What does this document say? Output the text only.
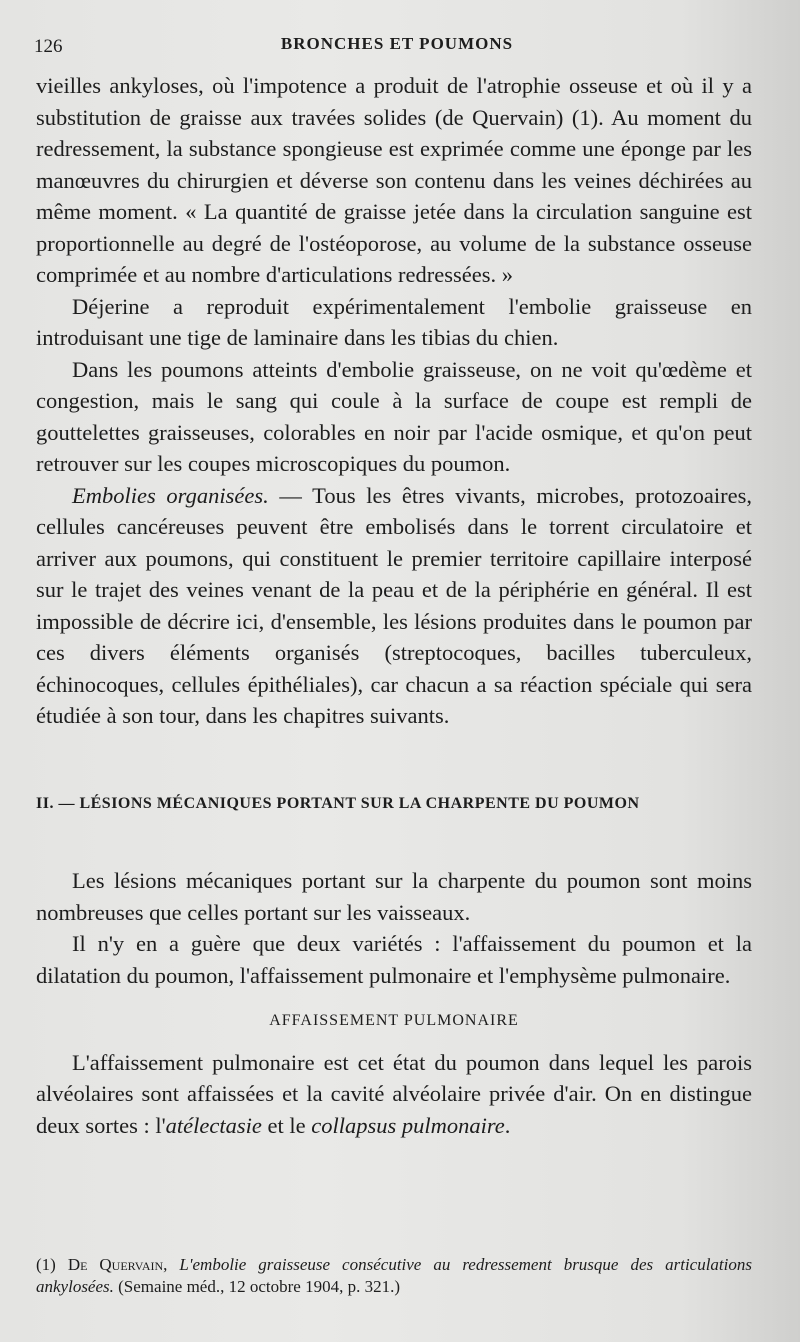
126	BRONCHES ET POUMONS

vieilles ankyloses, où l'impotence a produit de l'atrophie osseuse et où il y a substitution de graisse aux travées solides (de Quervain) (1). Au moment du redressement, la substance spongieuse est exprimée comme une éponge par les manœuvres du chirurgien et déverse son contenu dans les veines déchirées au même moment. « La quantité de graisse jetée dans la circulation sanguine est proportionnelle au degré de l'ostéoporose, au volume de la substance osseuse comprimée et au nombre d'articulations redressées. »

Déjerine a reproduit expérimentalement l'embolie graisseuse en introduisant une tige de laminaire dans les tibias du chien.

Dans les poumons atteints d'embolie graisseuse, on ne voit qu'œdème et congestion, mais le sang qui coule à la surface de coupe est rempli de gouttelettes graisseuses, colorables en noir par l'acide osmique, et qu'on peut retrouver sur les coupes microscopiques du poumon.

Embolies organisées. — Tous les êtres vivants, microbes, protozoaires, cellules cancéreuses peuvent être embolisés dans le torrent circulatoire et arriver aux poumons, qui constituent le premier territoire capillaire interposé sur le trajet des veines venant de la peau et de la périphérie en général. Il est impossible de décrire ici, d'ensemble, les lésions produites dans le poumon par ces divers éléments organisés (streptocoques, bacilles tuberculeux, échinocoques, cellules épithéliales), car chacun a sa réaction spéciale qui sera étudiée à son tour, dans les chapitres suivants.

II. — LÉSIONS MÉCANIQUES PORTANT SUR LA CHARPENTE DU POUMON

Les lésions mécaniques portant sur la charpente du poumon sont moins nombreuses que celles portant sur les vaisseaux.

Il n'y en a guère que deux variétés : l'affaissement du poumon et la dilatation du poumon, l'affaissement pulmonaire et l'emphysème pulmonaire.

AFFAISSEMENT PULMONAIRE

L'affaissement pulmonaire est cet état du poumon dans lequel les parois alvéolaires sont affaissées et la cavité alvéolaire privée d'air. On en distingue deux sortes : l'atélectasie et le collapsus pulmonaire.

(1) De Quervain, L'embolie graisseuse consécutive au redressement brusque des articulations ankylosées. (Semaine méd., 12 octobre 1904, p. 321.)
